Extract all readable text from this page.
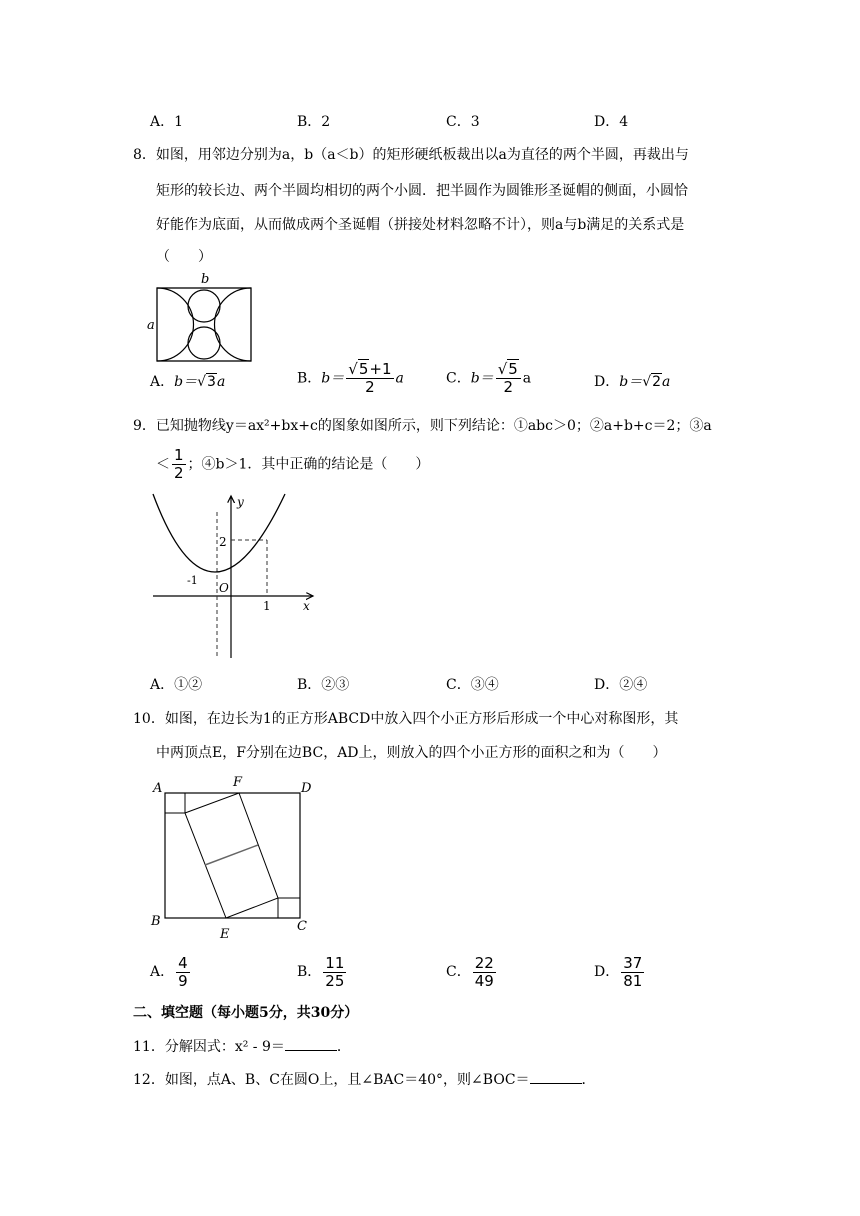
A．1	B．2	C．3	D．4
8．如图，用邻边分别为a，b（a＜b）的矩形硬纸板裁出以a为直径的两个半圆，再裁出与
矩形的较长边、两个半圆均相切的两个小圆．把半圆作为圆锥形圣诞帽的侧面，小圆恰
好能作为底面，从而做成两个圣诞帽（拼接处材料忽略不计），则a与b满足的关系式是
（　　）
b
a
A．b＝√3a	B．$b= \frac{√5+1}{2}$ a	C．$b= \frac{√5}{2}$ a	D．b＝√2a
9．已知抛物线y＝ax²+bx+c的图象如图所示，则下列结论：①abc＞0；②a+b+c＝2；③a
＜ $\frac{1}{2}$ ；④b＞1．其中正确的结论是（　　）
y
x
O
2
-1
1
A．①②	B．②③	C．③④	D．②④
10．如图，在边长为1的正方形ABCD中放入四个小正方形后形成一个中心对称图形，其
中两顶点E，F分别在边BC，AD上，则放入的四个小正方形的面积之和为（　　）
A	D
B	C
E
F
A． $\frac{4}{9}$	B． $\frac{11}{25}$	C． $\frac{22}{49}$	D． $\frac{37}{81}$
二、填空题（每小题5分，共30分）
11．分解因式：x² - 9＝	．
12．如图，点A、B、C在圆O上，且∠BAC＝40°，则∠BOC＝	．
